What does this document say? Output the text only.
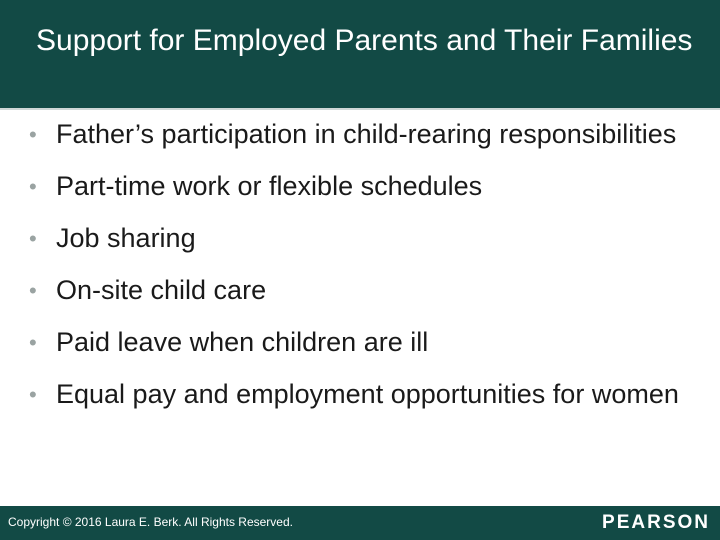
Support for Employed Parents and Their Families
• Father’s participation in child-rearing responsibilities
• Part-time work or flexible schedules
• Job sharing
• On-site child care
• Paid leave when children are ill
• Equal pay and employment opportunities for women
Copyright © 2016 Laura E. Berk. All Rights Reserved.	PEARSON
